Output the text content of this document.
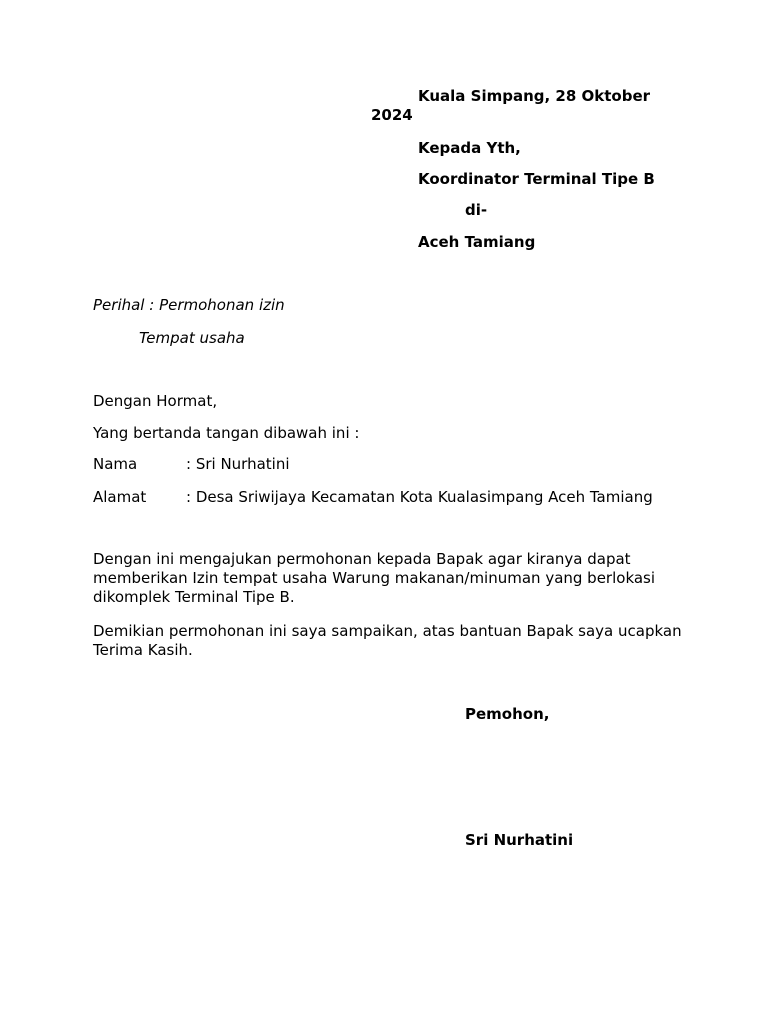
Kuala Simpang, 28 Oktober
2024
Kepada Yth,
Koordinator Terminal Tipe B
di-
Aceh Tamiang
Perihal : Permohonan izin
Tempat usaha
Dengan Hormat,
Yang bertanda tangan dibawah ini :
Nama	: Sri Nurhatini
Alamat	: Desa Sriwijaya Kecamatan Kota Kualasimpang Aceh Tamiang
Dengan ini mengajukan permohonan kepada Bapak agar kiranya dapat memberikan Izin tempat usaha Warung makanan/minuman yang berlokasi dikomplek Terminal Tipe B.
Demikian permohonan ini saya sampaikan, atas bantuan Bapak saya ucapkan Terima Kasih.
Pemohon,
Sri Nurhatini
